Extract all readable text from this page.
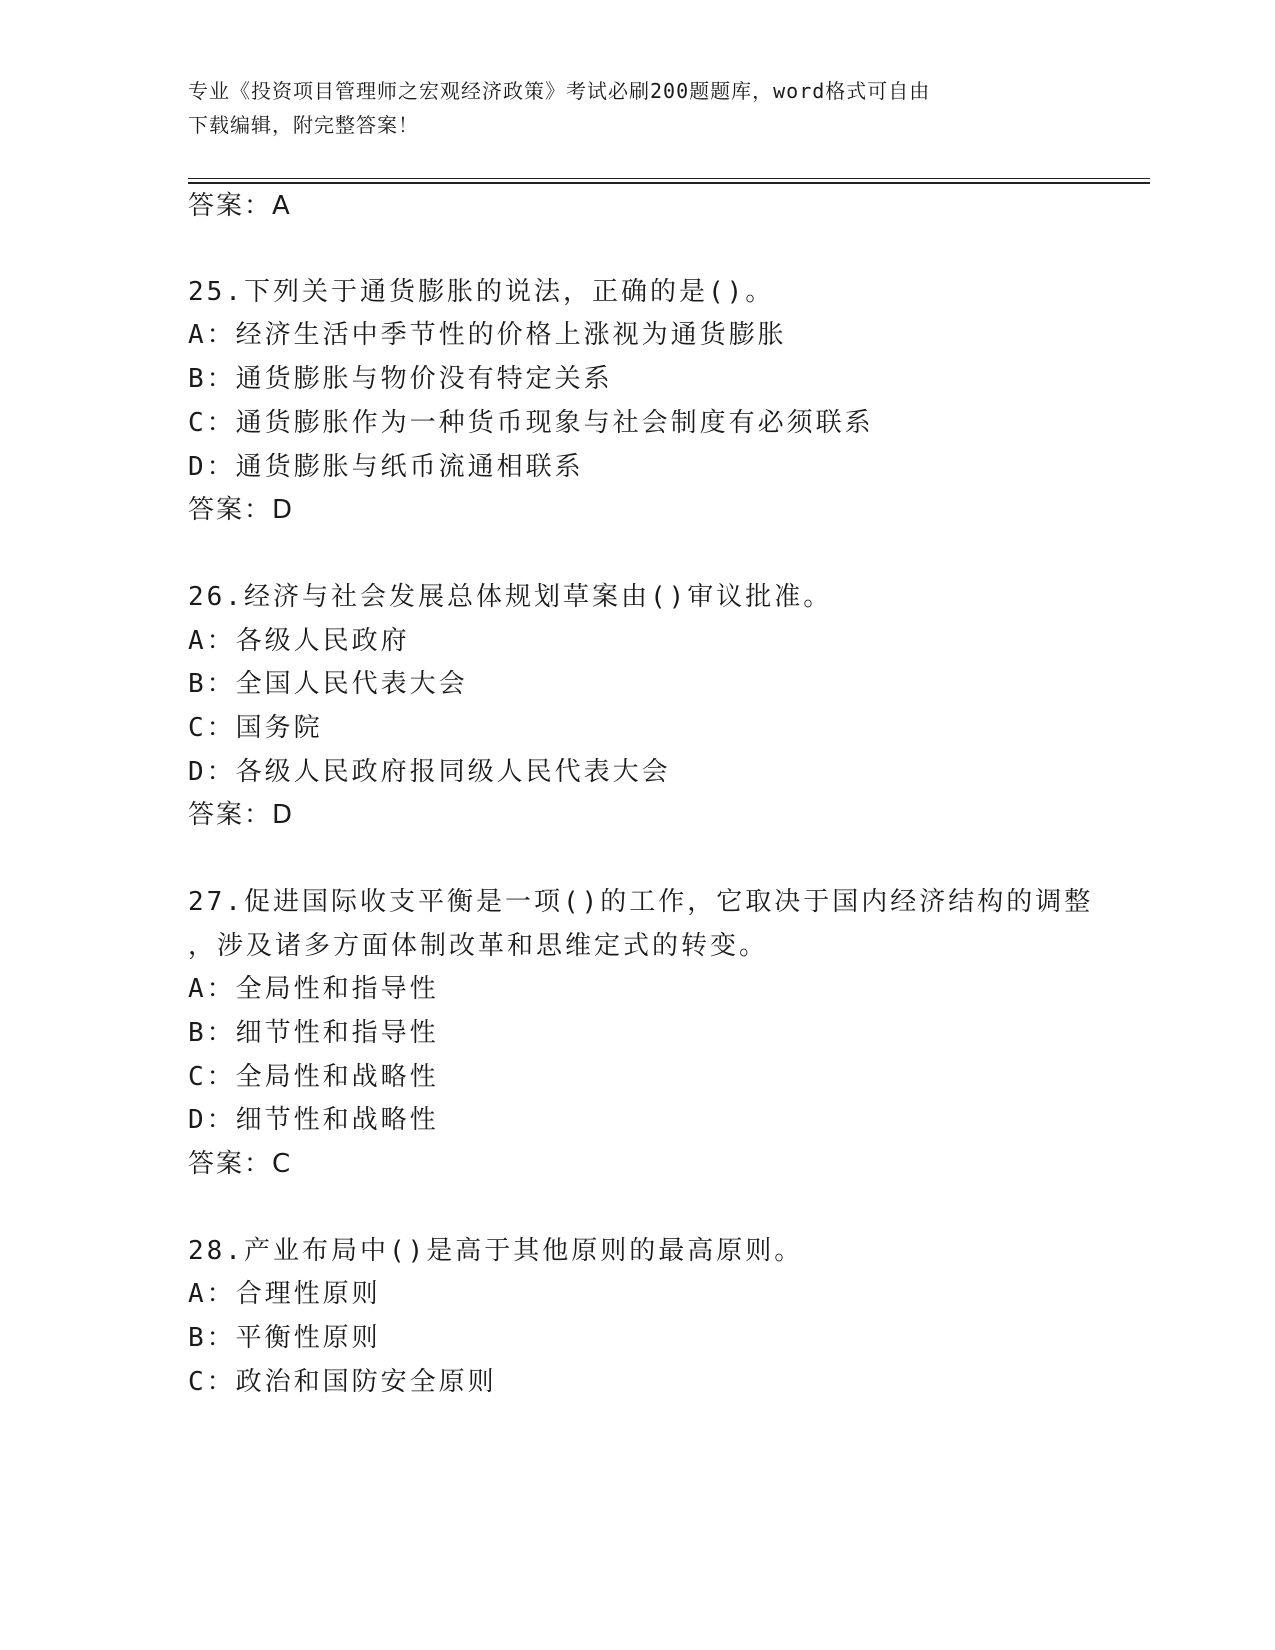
专业《投资项目管理师之宏观经济政策》考试必刷200题题库，word格式可自由
下载编辑，附完整答案！
答案：A
25.下列关于通货膨胀的说法，正确的是()。
A：经济生活中季节性的价格上涨视为通货膨胀
B：通货膨胀与物价没有特定关系
C：通货膨胀作为一种货币现象与社会制度有必须联系
D：通货膨胀与纸币流通相联系
答案：D
26.经济与社会发展总体规划草案由()审议批准。
A：各级人民政府
B：全国人民代表大会
C：国务院
D：各级人民政府报同级人民代表大会
答案：D
27.促进国际收支平衡是一项()的工作，它取决于国内经济结构的调整
，涉及诸多方面体制改革和思维定式的转变。
A：全局性和指导性
B：细节性和指导性
C：全局性和战略性
D：细节性和战略性
答案：C
28.产业布局中()是高于其他原则的最高原则。
A：合理性原则
B：平衡性原则
C：政治和国防安全原则
